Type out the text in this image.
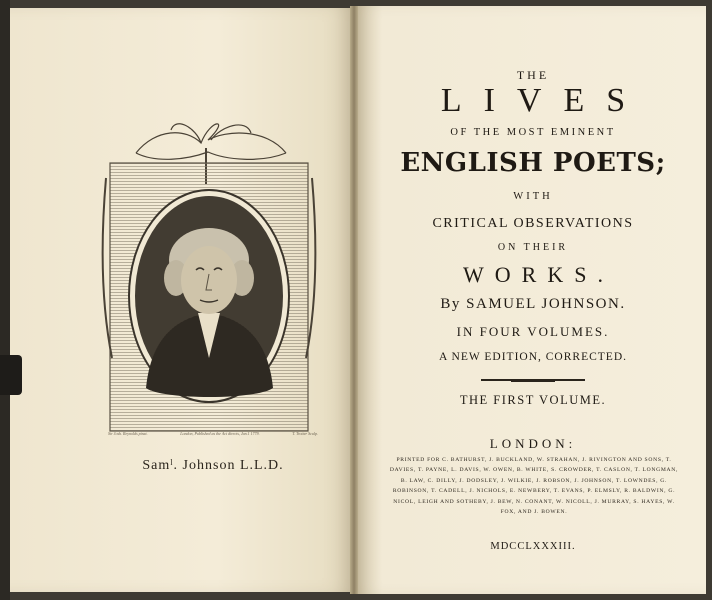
Sir Josh. Reynolds pinxt.	London, Published as the Act directs, Jan.1 1779.	T. Trotter Sculp.
Samˡ. Johnson L.L.D.
THE
LIVES
OF THE MOST EMINENT
ENGLISH POETS;
WITH
CRITICAL OBSERVATIONS
ON THEIR
WORKS.
By SAMUEL JOHNSON.
IN FOUR VOLUMES.
A NEW EDITION, CORRECTED.
THE FIRST VOLUME.
LONDON:
PRINTED FOR C. BATHURST, J. BUCKLAND, W. STRAHAN, J. RIVINGTON AND SONS, T. DAVIES, T. PAYNE, L. DAVIS, W. OWEN, B. WHITE, S. CROWDER, T. CASLON, T. LONGMAN, B. LAW, C. DILLY, J. DODSLEY, J. WILKIE, J. ROBSON, J. JOHNSON, T. LOWNDES, G. ROBINSON, T. CADELL, J. NICHOLS, E. NEWBERY, T. EVANS, P. ELMSLY, R. BALDWIN, G. NICOL, LEIGH AND SOTHEBY, J. BEW, N. CONANT, W. NICOLL, J. MURRAY, S. HAYES, W. FOX, AND J. BOWEN.
MDCCLXXXIII.
